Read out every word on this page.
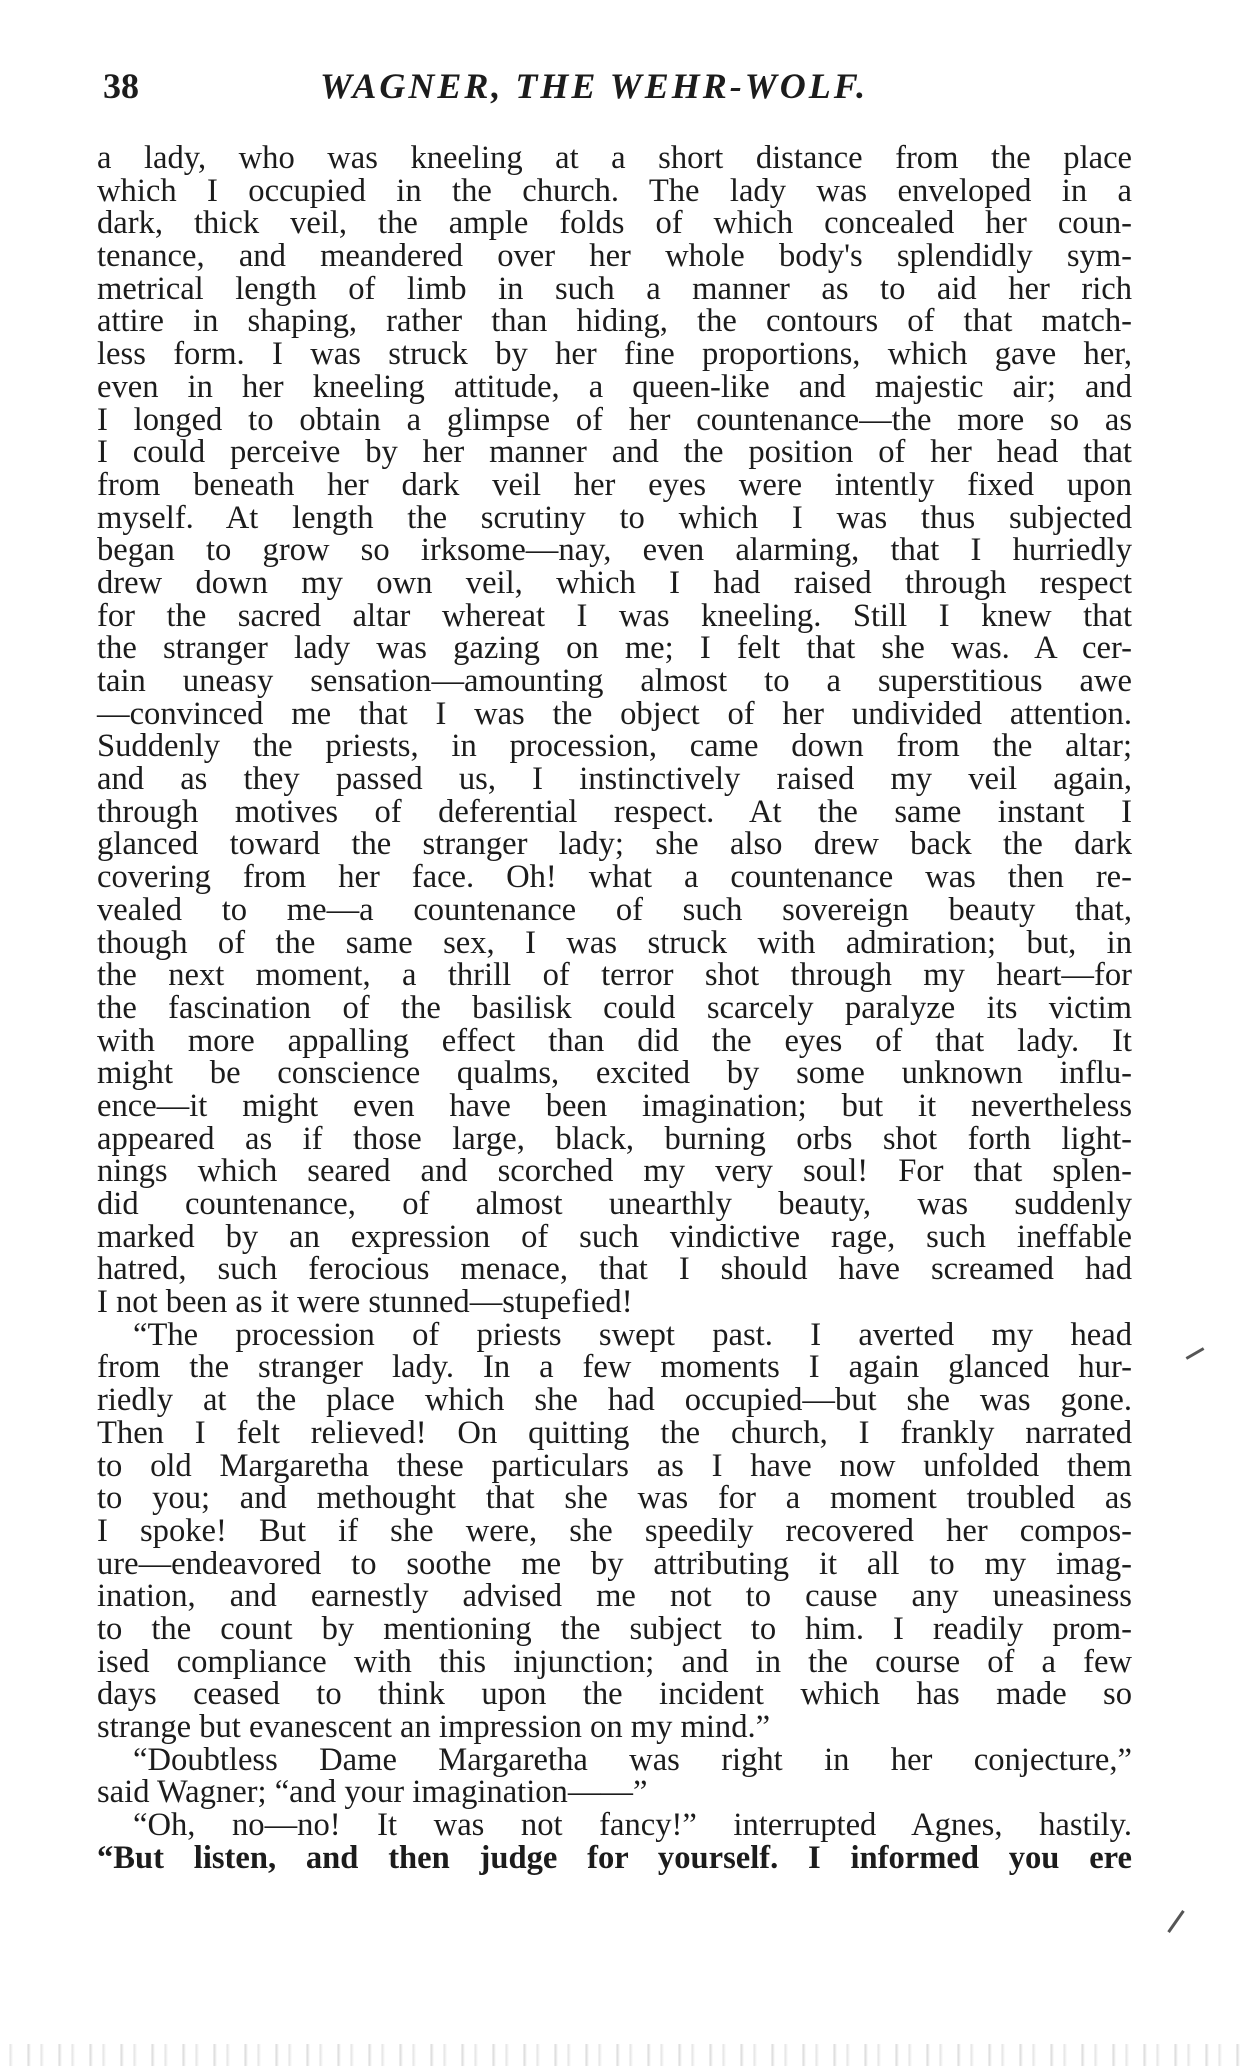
38	WAGNER, THE WEHR-WOLF.
a lady, who was kneeling at a short distance from the place
which I occupied in the church. The lady was enveloped in a
dark, thick veil, the ample folds of which concealed her coun-
tenance, and meandered over her whole body's splendidly sym-
metrical length of limb in such a manner as to aid her rich
attire in shaping, rather than hiding, the contours of that match-
less form. I was struck by her fine proportions, which gave her,
even in her kneeling attitude, a queen-like and majestic air; and
I longed to obtain a glimpse of her countenance—the more so as
I could perceive by her manner and the position of her head that
from beneath her dark veil her eyes were intently fixed upon
myself. At length the scrutiny to which I was thus subjected
began to grow so irksome—nay, even alarming, that I hurriedly
drew down my own veil, which I had raised through respect
for the sacred altar whereat I was kneeling. Still I knew that
the stranger lady was gazing on me; I felt that she was. A cer-
tain uneasy sensation—amounting almost to a superstitious awe
—convinced me that I was the object of her undivided attention.
Suddenly the priests, in procession, came down from the altar;
and as they passed us, I instinctively raised my veil again,
through motives of deferential respect. At the same instant I
glanced toward the stranger lady; she also drew back the dark
covering from her face. Oh! what a countenance was then re-
vealed to me—a countenance of such sovereign beauty that,
though of the same sex, I was struck with admiration; but, in
the next moment, a thrill of terror shot through my heart—for
the fascination of the basilisk could scarcely paralyze its victim
with more appalling effect than did the eyes of that lady. It
might be conscience qualms, excited by some unknown influ-
ence—it might even have been imagination; but it nevertheless
appeared as if those large, black, burning orbs shot forth light-
nings which seared and scorched my very soul! For that splen-
did countenance, of almost unearthly beauty, was suddenly
marked by an expression of such vindictive rage, such ineffable
hatred, such ferocious menace, that I should have screamed had
I not been as it were stunned—stupefied!
“The procession of priests swept past. I averted my head
from the stranger lady. In a few moments I again glanced hur-
riedly at the place which she had occupied—but she was gone.
Then I felt relieved! On quitting the church, I frankly narrated
to old Margaretha these particulars as I have now unfolded them
to you; and methought that she was for a moment troubled as
I spoke! But if she were, she speedily recovered her compos-
ure—endeavored to soothe me by attributing it all to my imag-
ination, and earnestly advised me not to cause any uneasiness
to the count by mentioning the subject to him. I readily prom-
ised compliance with this injunction; and in the course of a few
days ceased to think upon the incident which has made so
strange but evanescent an impression on my mind.”
“Doubtless Dame Margaretha was right in her conjecture,”
said Wagner; “and your imagination——”
“Oh, no—no! It was not fancy!” interrupted Agnes, hastily.
“But listen, and then judge for yourself. I informed you ere
